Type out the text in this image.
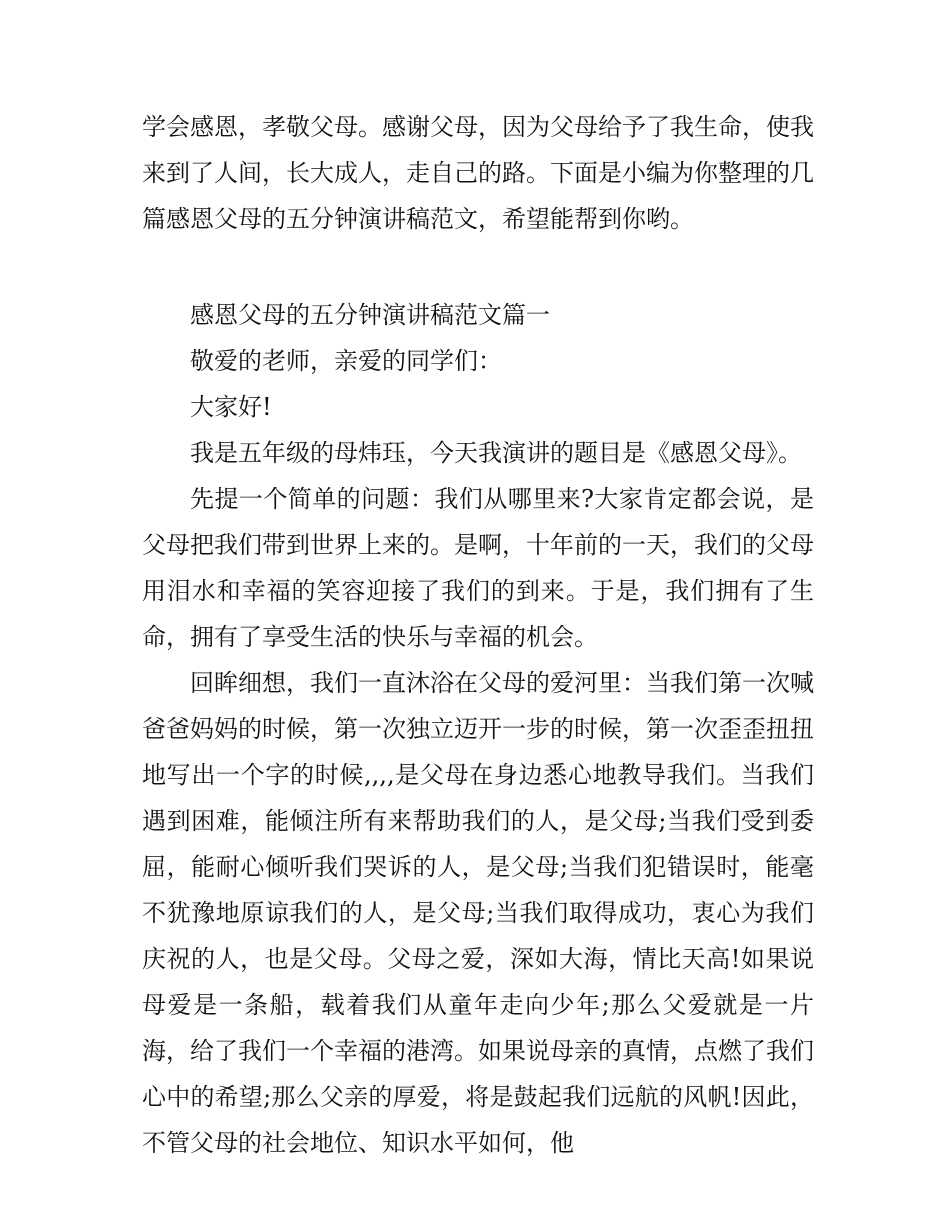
学会感恩，孝敬父母。感谢父母，因为父母给予了我生命，使我来到了人间，长大成人，走自己的路。下面是小编为你整理的几篇感恩父母的五分钟演讲稿范文，希望能帮到你哟。

感恩父母的五分钟演讲稿范文篇一

敬爱的老师，亲爱的同学们：

大家好!

我是五年级的母炜珏，今天我演讲的题目是《感恩父母》。

先提一个简单的问题：我们从哪里来?大家肯定都会说，是父母把我们带到世界上来的。是啊，十年前的一天，我们的父母用泪水和幸福的笑容迎接了我们的到来。于是，我们拥有了生命，拥有了享受生活的快乐与幸福的机会。

回眸细想，我们一直沐浴在父母的爱河里：当我们第一次喊爸爸妈妈的时候，第一次独立迈开一步的时候，第一次歪歪扭扭地写出一个字的时候,,,,是父母在身边悉心地教导我们。当我们遇到困难，能倾注所有来帮助我们的人，是父母;当我们受到委屈，能耐心倾听我们哭诉的人，是父母;当我们犯错误时，能毫不犹豫地原谅我们的人，是父母;当我们取得成功，衷心为我们庆祝的人，也是父母。父母之爱，深如大海，情比天高!如果说母爱是一条船，载着我们从童年走向少年;那么父爱就是一片海，给了我们一个幸福的港湾。如果说母亲的真情，点燃了我们心中的希望;那么父亲的厚爱，将是鼓起我们远航的风帆!因此，不管父母的社会地位、知识水平如何，他
